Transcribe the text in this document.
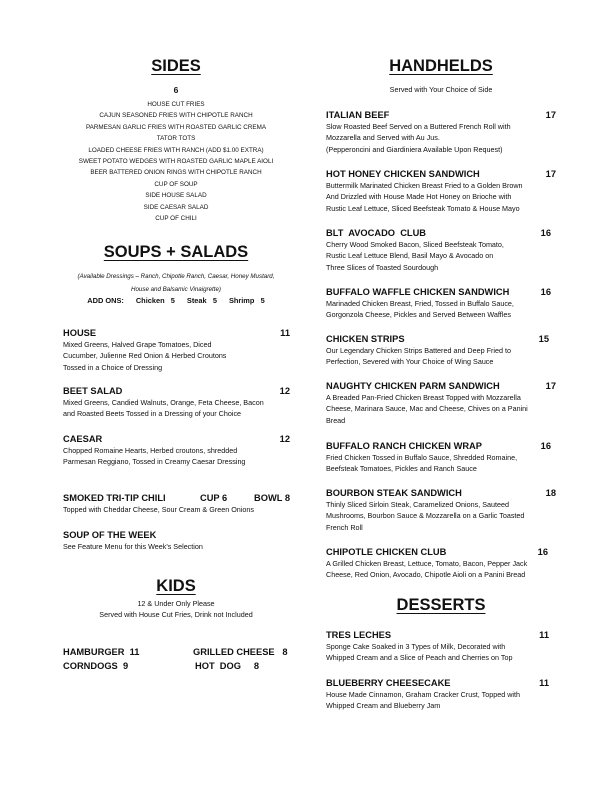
SIDES
6
HOUSE CUT FRIES
CAJUN SEASONED FRIES WITH CHIPOTLE RANCH
PARMESAN GARLIC FRIES WITH ROASTED GARLIC CREMA
TATOR TOTS
LOADED CHEESE FRIES WITH RANCH (ADD $1.00 EXTRA)
SWEET POTATO WEDGES WITH ROASTED GARLIC MAPLE AIOLI
BEER BATTERED ONION RINGS WITH CHIPOTLE RANCH
CUP OF SOUP
SIDE HOUSE SALAD
SIDE CAESAR SALAD
CUP OF CHILI
SOUPS + SALADS
(Available Dressings – Ranch, Chipotle Ranch, Caesar, Honey Mustard,
House and Balsamic Vinaigrette)
ADD ONS: Chicken 5 Steak 5 Shrimp 5
HOUSE	11
Mixed Greens, Halved Grape Tomatoes, Diced
Cucumber, Julienne Red Onion & Herbed Croutons
Tossed in a Choice of Dressing
BEET SALAD	12
Mixed Greens, Candied Walnuts, Orange, Feta Cheese, Bacon
and Roasted Beets Tossed in a Dressing of your Choice
CAESAR	12
Chopped Romaine Hearts, Herbed croutons, shredded
Parmesan Reggiano, Tossed in Creamy Caesar Dressing
SMOKED TRI-TIP CHILI	CUP 6	BOWL 8
Topped with Cheddar Cheese, Sour Cream & Green Onions
SOUP OF THE WEEK
See Feature Menu for this Week's Selection
KIDS
12 & Under Only Please
Served with House Cut Fries, Drink not Included
HAMBURGER 11	GRILLED CHEESE 8
CORNDOGS 9	HOT  DOG 8
HANDHELDS
Served with Your Choice of Side
ITALIAN BEEF	17
Slow Roasted Beef Served on a Buttered French Roll with
Mozzarella and Served with Au Jus.
(Pepperoncini and Giardiniera Available Upon Request)
HOT HONEY CHICKEN SANDWICH	17
Buttermilk Marinated Chicken Breast Fried to a Golden Brown
And Drizzled with House Made Hot Honey on Brioche with
Rustic Leaf Lettuce, Sliced Beefsteak Tomato & House Mayo
BLT  AVOCADO  CLUB	16
Cherry Wood Smoked Bacon, Sliced Beefsteak Tomato,
Rustic Leaf Lettuce Blend, Basil Mayo & Avocado on
Three Slices of Toasted Sourdough
BUFFALO WAFFLE CHICKEN SANDWICH	16
Marinaded Chicken Breast, Fried, Tossed in Buffalo Sauce,
Gorgonzola Cheese, Pickles and Served Between Waffles
CHICKEN STRIPS	15
Our Legendary Chicken Strips Battered and Deep Fried to
Perfection, Severed with Your Choice of Wing Sauce
NAUGHTY CHICKEN PARM SANDWICH	17
A Breaded Pan-Fried Chicken Breast Topped with Mozzarella
Cheese, Marinara Sauce, Mac and Cheese, Chives on a Panini
Bread
BUFFALO RANCH CHICKEN WRAP	16
Fried Chicken Tossed in Buffalo Sauce, Shredded Romaine,
Beefsteak Tomatoes, Pickles and Ranch Sauce
BOURBON STEAK SANDWICH	18
Thinly Sliced Sirloin Steak, Caramelized Onions, Sauteed
Mushrooms, Bourbon Sauce & Mozzarella on a Garlic Toasted
French Roll
CHIPOTLE CHICKEN CLUB	16
A Grilled Chicken Breast, Lettuce, Tomato, Bacon, Pepper Jack
Cheese, Red Onion, Avocado, Chipotle Aioli on a Panini Bread
DESSERTS
TRES LECHES	11
Sponge Cake Soaked in 3 Types of Milk, Decorated with
Whipped Cream and a Slice of Peach and Cherries on Top
BLUEBERRY CHEESECAKE	11
House Made Cinnamon, Graham Cracker Crust, Topped with
Whipped Cream and Blueberry Jam
